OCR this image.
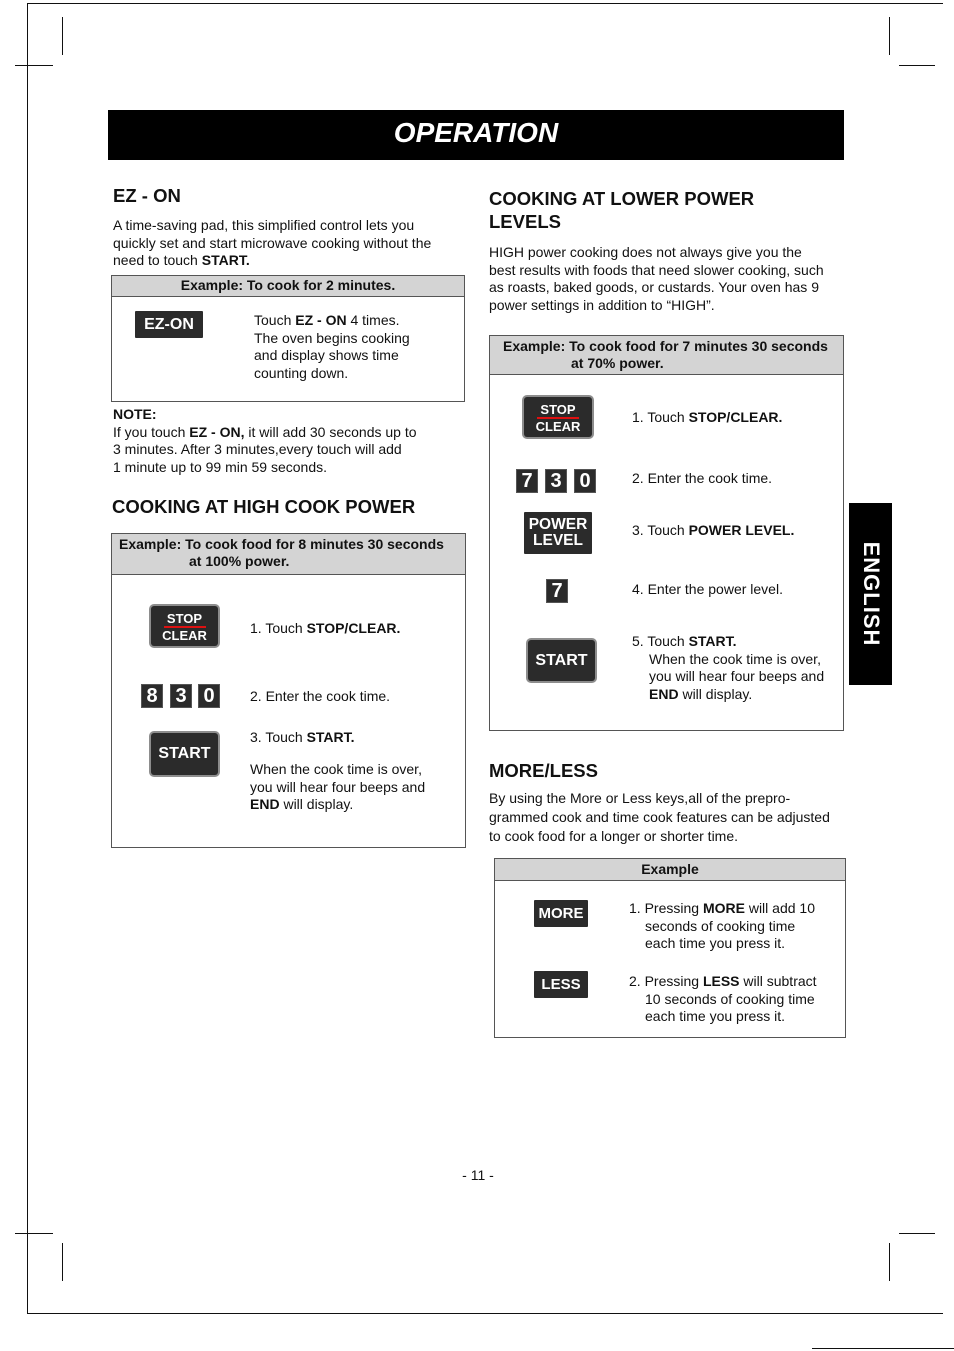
OPERATION
ENGLISH
EZ - ON

A time-saving pad, this simplified control lets you
quickly set and start microwave cooking without the
need to touch START.

Example: To cook for 2 minutes.
EZ-ON	Touch EZ - ON 4 times.
The oven begins cooking
and display shows time
counting down.

NOTE:
If you touch EZ - ON, it will add 30 seconds up to
3 minutes. After 3 minutes,every touch will add
1 minute up to 99 min 59 seconds.

COOKING AT HIGH COOK POWER
Example: To cook food for 8 minutes 30 seconds
at 100% power.
STOP
CLEAR
8 3 0
START

1. Touch STOP/CLEAR.

2. Enter the cook time.

3. Touch START.

When the cook time is over,
you will hear four beeps and
END will display.

COOKING AT LOWER POWER
LEVELS

HIGH power cooking does not always give you the
best results with foods that need slower cooking, such
as roasts, baked goods, or custards. Your oven has 9
power settings in addition to “HIGH”.

Example: To cook food for 7 minutes 30 seconds
at 70% power.
STOP
CLEAR
7 3 0
POWER
LEVEL
7
START

1. Touch STOP/CLEAR.

2. Enter the cook time.

3. Touch POWER LEVEL.

4. Enter the power level.

5. Touch START.
When the cook time is over,
you will hear four beeps and
END will display.

MORE/LESS

By using the More or Less keys,all of the prepro-
grammed cook and time cook features can be adjusted
to cook food for a longer or shorter time.

Example
MORE
LESS

1. Pressing MORE will add 10
seconds of cooking time
each time you press it.

2. Pressing LESS will subtract
10 seconds of cooking time
each time you press it.

- 11 -
